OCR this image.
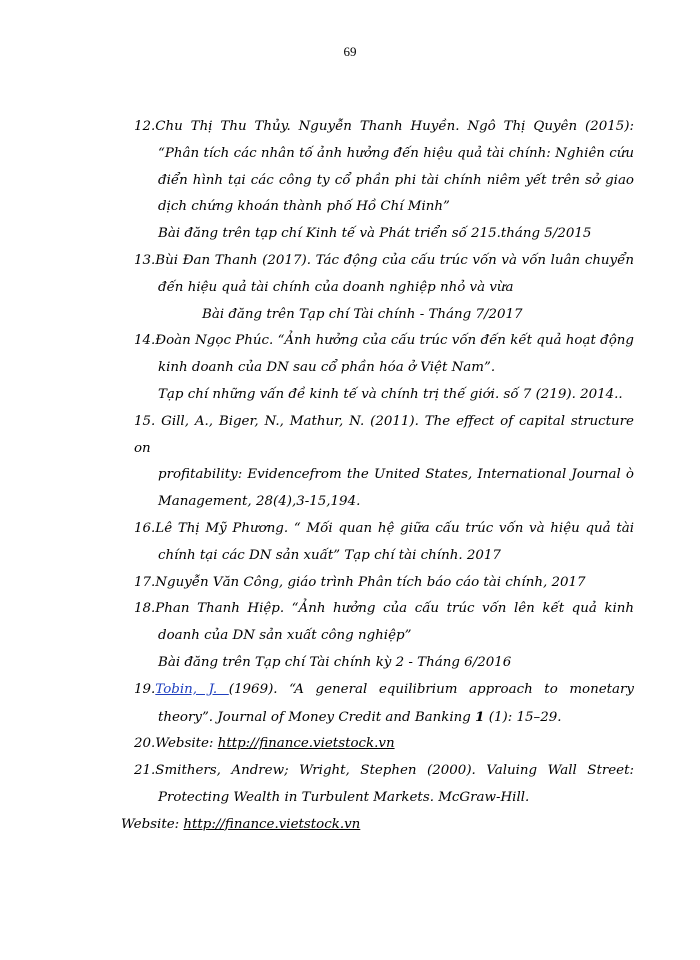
69
12.Chu Thị Thu Thủy. Nguyễn Thanh Huyền. Ngô Thị Quyên (2015):
“Phân tích các nhân tố ảnh hưởng đến hiệu quả tài chính: Nghiên cứu
điển hình tại các công ty cổ phần phi tài chính niêm yết trên sở giao
dịch chứng khoán thành phố Hồ Chí Minh”
Bài đăng trên tạp chí Kinh tế và Phát triển số 215.tháng 5/2015
13.Bùi Đan Thanh (2017). Tác động của cấu trúc vốn và vốn luân chuyển
đến hiệu quả tài chính của doanh nghiệp nhỏ và vừa
Bài đăng trên Tạp chí Tài chính - Tháng 7/2017
14.Đoàn Ngọc Phúc. “Ảnh hưởng của cấu trúc vốn đến kết quả hoạt động
kinh doanh của DN sau cổ phần hóa ở Việt Nam”.
Tạp chí những vấn đề kinh tế và chính trị thế giới. số 7 (219). 2014..
15. Gill, A., Biger, N., Mathur, N. (2011). The effect of capital structure on
profitability: Evidencefrom the United States, International Journal ò
Management, 28(4),3-15,194.
16.Lê Thị Mỹ Phương. “ Mối quan hệ giữa cấu trúc vốn và hiệu quả tài
chính tại các DN sản xuất” Tạp chí tài chính. 2017
17.Nguyễn Văn Công, giáo trình Phân tích báo cáo tài chính, 2017
18.Phan Thanh Hiệp. “Ảnh hưởng của cấu trúc vốn lên kết quả kinh
doanh của DN sản xuất công nghiệp”
Bài đăng trên Tạp chí Tài chính kỳ 2 - Tháng 6/2016
19.Tobin, J. (1969). “A general equilibrium approach to monetary
theory”. Journal of Money Credit and Banking 1 (1): 15–29.
20.Website: http://finance.vietstock.vn
21.Smithers, Andrew; Wright, Stephen (2000). Valuing Wall Street:
Protecting Wealth in Turbulent Markets. McGraw-Hill.
Website: http://finance.vietstock.vn
